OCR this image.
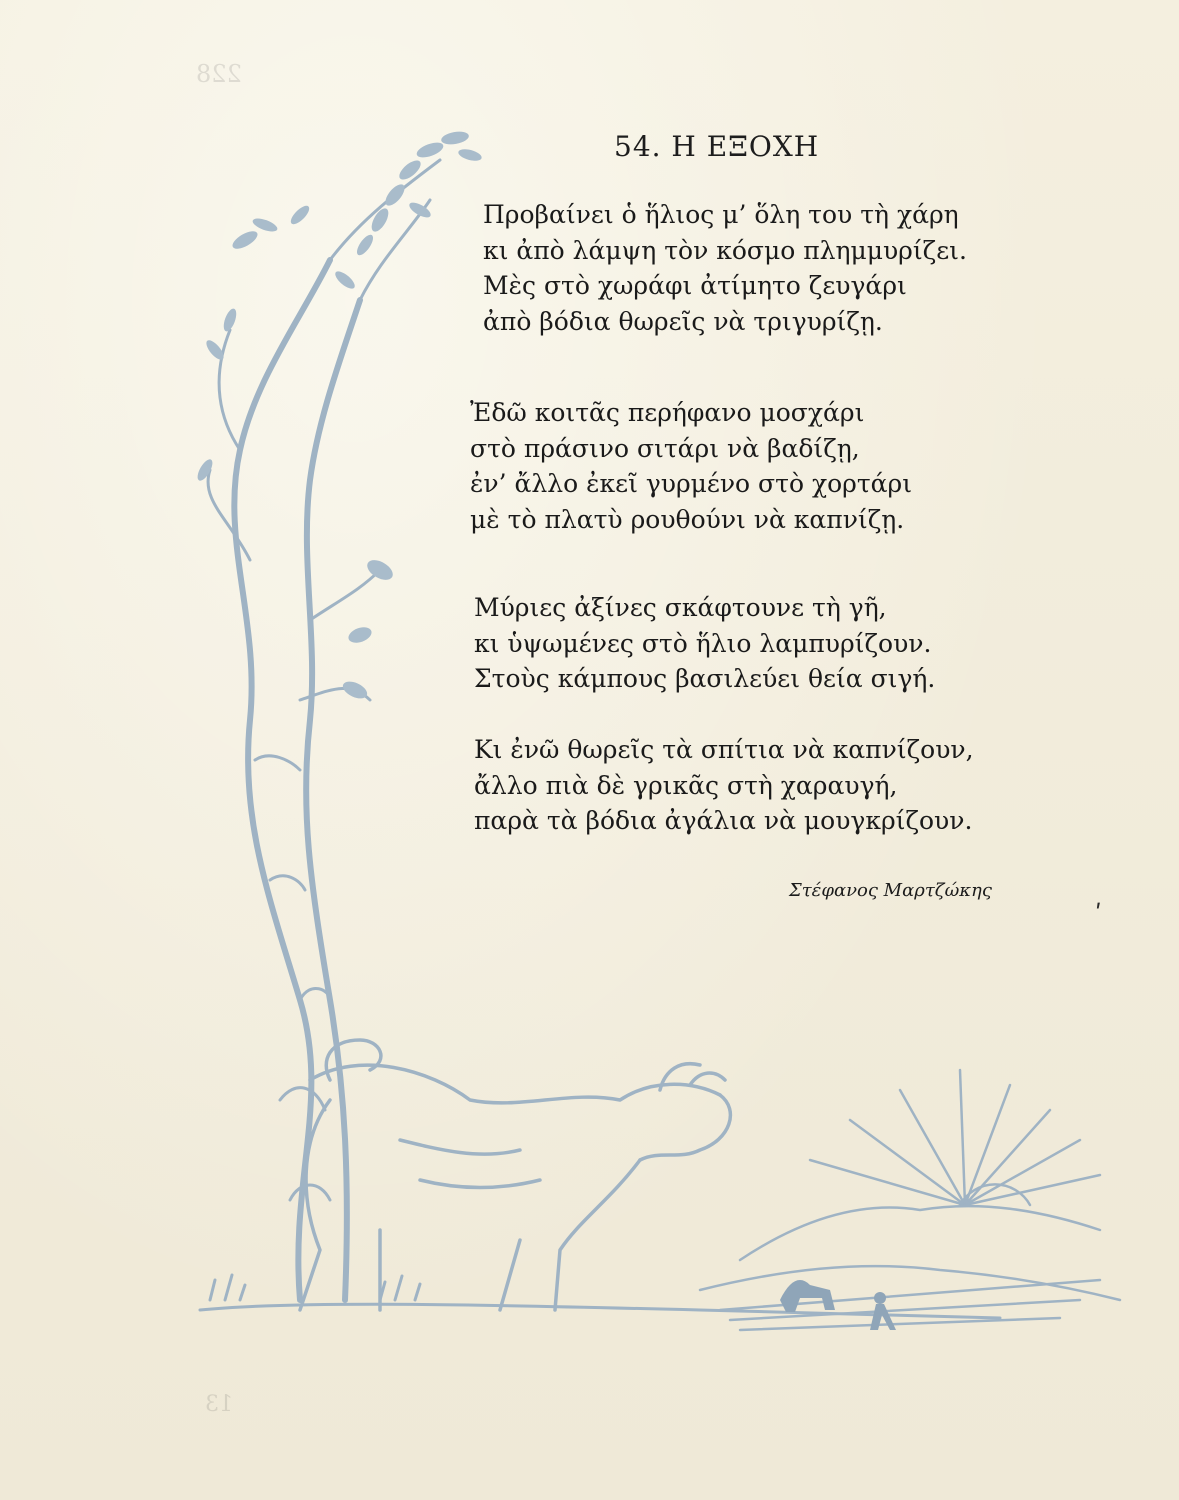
228
13
54. Η ΕΞΟΧΗ
Προβαίνει ὁ ἥλιος μ’ ὅλη του τὴ χάρη
κι ἀπὸ λάμψη τὸν κόσμο πλημμυρίζει.
Μὲς στὸ χωράφι ἀτίμητο ζευγάρι
ἀπὸ βόδια θωρεῖς νὰ τριγυρίζῃ.
Ἐδῶ κοιτᾶς περήφανο μοσχάρι
στὸ πράσινο σιτάρι νὰ βαδίζῃ,
ἐν’ ἄλλο ἐκεῖ γυρμένο στὸ χορτάρι
μὲ τὸ πλατὺ ρουθούνι νὰ καπνίζῃ.
Μύριες ἀξίνες σκάφτουνε τὴ γῆ,
κι ὑψωμένες στὸ ἥλιο λαμπυρίζουν.
Στοὺς κάμπους βασιλεύει θεία σιγή.
Κι ἐνῶ θωρεῖς τὰ σπίτια νὰ καπνίζουν,
ἄλλο πιὰ δὲ γρικᾶς στὴ χαραυγή,
παρὰ τὰ βόδια ἀγάλια νὰ μουγκρίζουν.
Στέφανος Μαρτζώκης
ʹ
